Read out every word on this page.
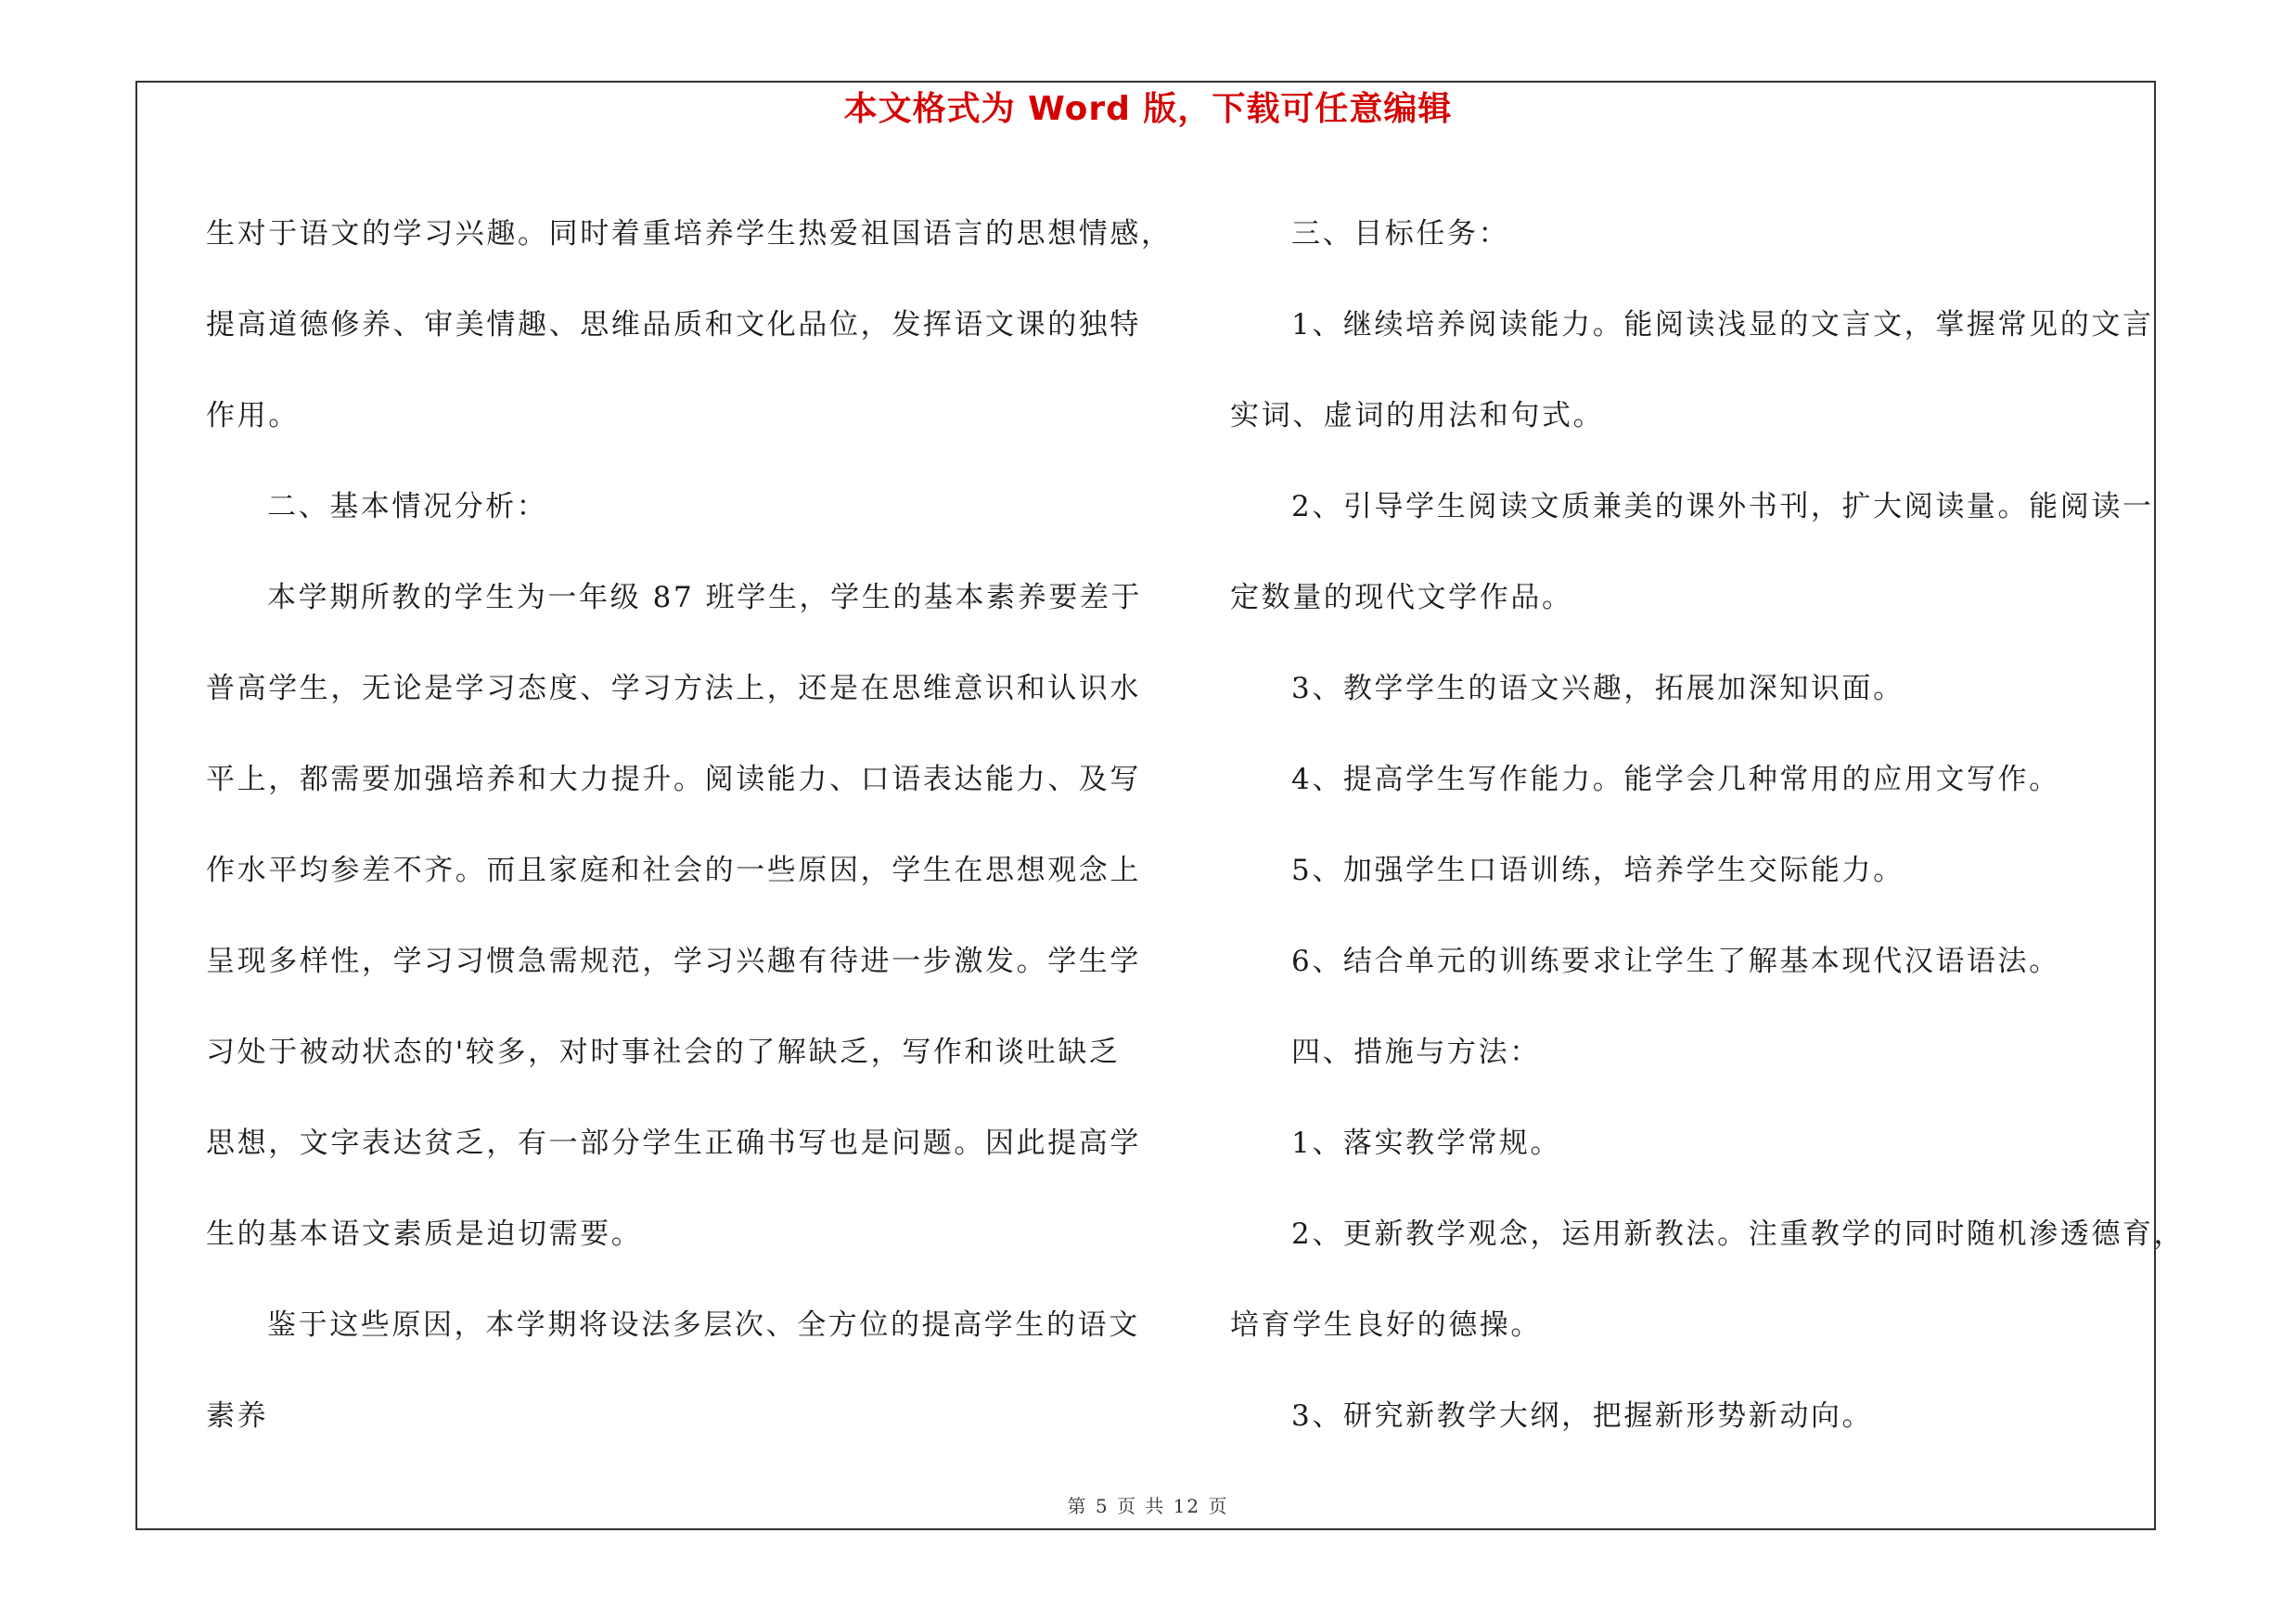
本文格式为 Word 版，下载可任意编辑

生对于语文的学习兴趣。同时着重培养学生热爱祖国语言的思想情感，

提高道德修养、审美情趣、思维品质和文化品位，发挥语文课的独特

作用。

二、基本情况分析：

本学期所教的学生为一年级 87 班学生，学生的基本素养要差于

普高学生，无论是学习态度、学习方法上，还是在思维意识和认识水

平上，都需要加强培养和大力提升。阅读能力、口语表达能力、及写

作水平均参差不齐。而且家庭和社会的一些原因，学生在思想观念上

呈现多样性，学习习惯急需规范，学习兴趣有待进一步激发。学生学

习处于被动状态的'较多，对时事社会的了解缺乏，写作和谈吐缺乏

思想，文字表达贫乏，有一部分学生正确书写也是问题。因此提高学

生的基本语文素质是迫切需要。

鉴于这些原因，本学期将设法多层次、全方位的提高学生的语文

素养

三、目标任务：

1、继续培养阅读能力。能阅读浅显的文言文，掌握常见的文言

实词、虚词的用法和句式。

2、引导学生阅读文质兼美的课外书刊，扩大阅读量。能阅读一

定数量的现代文学作品。

3、教学学生的语文兴趣，拓展加深知识面。

4、提高学生写作能力。能学会几种常用的应用文写作。

5、加强学生口语训练，培养学生交际能力。

6、结合单元的训练要求让学生了解基本现代汉语语法。

四、措施与方法：

1、落实教学常规。

2、更新教学观念，运用新教法。注重教学的同时随机渗透德育，

培育学生良好的德操。

3、研究新教学大纲，把握新形势新动向。

第 5 页 共 12 页
